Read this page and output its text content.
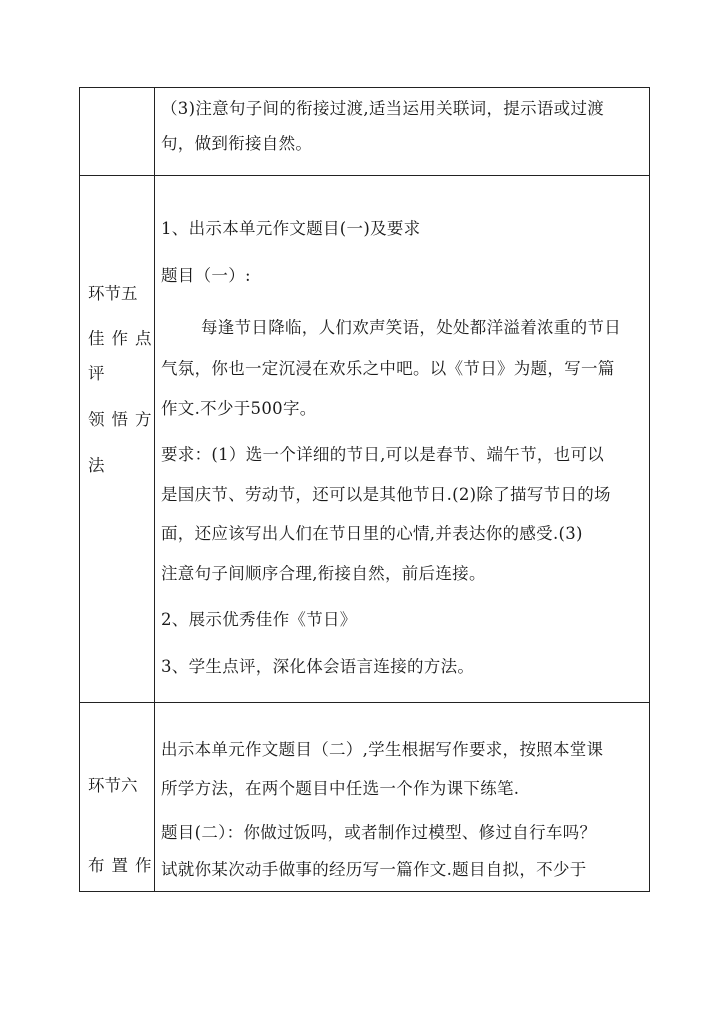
（3)注意句子间的衔接过渡,适当运用关联词，提示语或过渡
句，做到衔接自然。
环节五
佳作点
评
领悟方
法
1、出示本单元作文题目(一)及要求
题目（一）:
每逢节日降临，人们欢声笑语，处处都洋溢着浓重的节日
气氛，你也一定沉浸在欢乐之中吧。以《节日》为题，写一篇
作文.不少于500字。
要求：(1）选一个详细的节日,可以是春节、端午节，也可以
是国庆节、劳动节，还可以是其他节日.(2)除了描写节日的场
面，还应该写出人们在节日里的心情,并表达你的感受.(3)
注意句子间顺序合理,衔接自然，前后连接。
2、展示优秀佳作《节日》
3、学生点评，深化体会语言连接的方法。
环节六
布置作
出示本单元作文题目（二）,学生根据写作要求，按照本堂课
所学方法，在两个题目中任选一个作为课下练笔.
题目(二）：你做过饭吗，或者制作过模型、修过自行车吗？
试就你某次动手做事的经历写一篇作文.题目自拟，不少于
